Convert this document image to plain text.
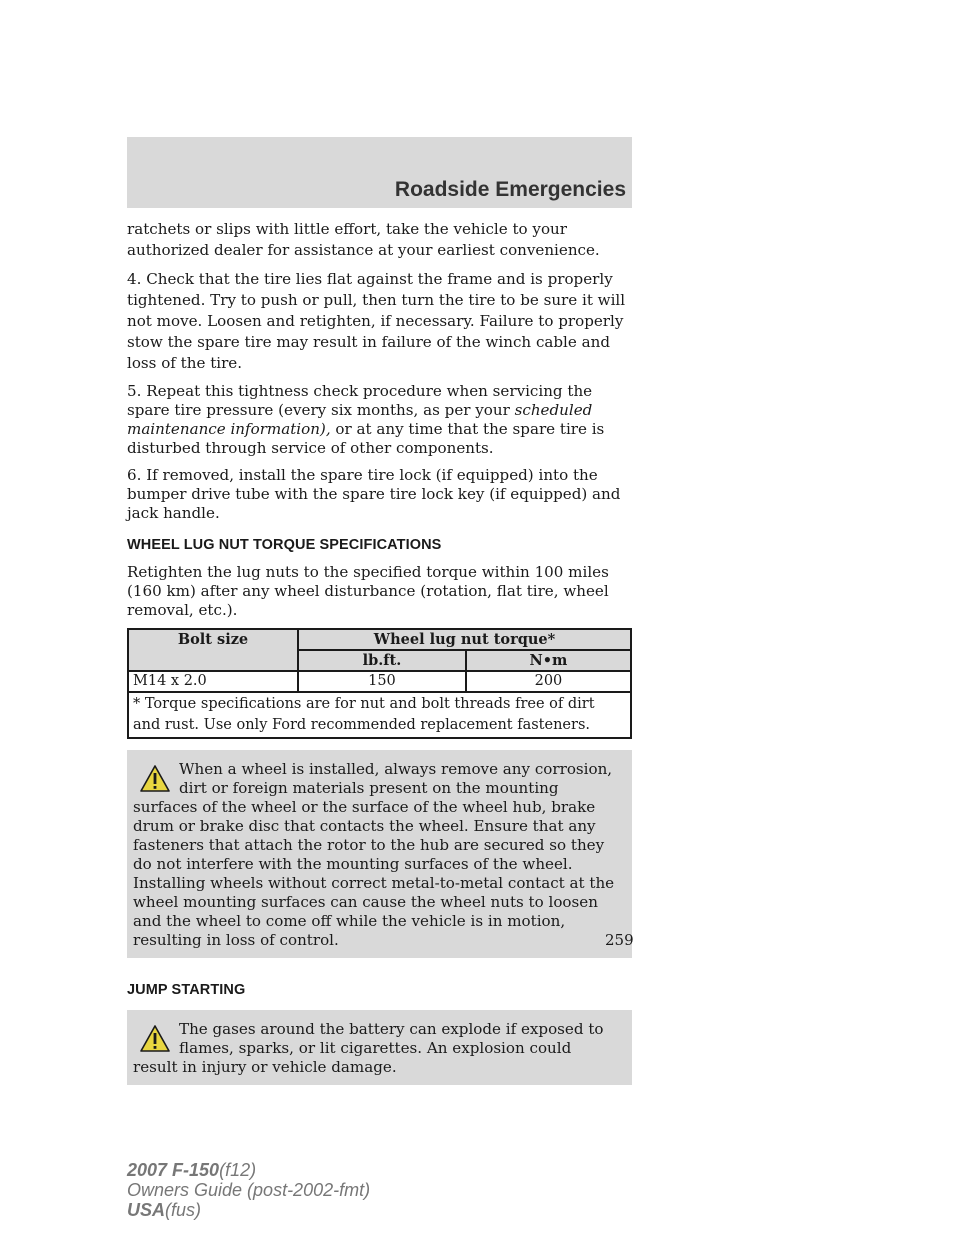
Roadside Emergencies

ratchets or slips with little effort, take the vehicle to your authorized dealer for assistance at your earliest convenience.

4. Check that the tire lies flat against the frame and is properly tightened. Try to push or pull, then turn the tire to be sure it will not move. Loosen and retighten, if necessary. Failure to properly stow the spare tire may result in failure of the winch cable and loss of the tire.

5. Repeat this tightness check procedure when servicing the spare tire pressure (every six months, as per your scheduled maintenance information), or at any time that the spare tire is disturbed through service of other components.

6. If removed, install the spare tire lock (if equipped) into the bumper drive tube with the spare tire lock key (if equipped) and jack handle.

WHEEL LUG NUT TORQUE SPECIFICATIONS

Retighten the lug nuts to the specified torque within 100 miles (160 km) after any wheel disturbance (rotation, flat tire, wheel removal, etc.).

Bolt size	Wheel lug nut torque*	
	lb.ft.	N•m
M14 x 2.0	150	200
* Torque specifications are for nut and bolt threads free of dirt and rust. Use only Ford recommended replacement fasteners.		
When a wheel is installed, always remove any corrosion, dirt or foreign materials present on the mounting surfaces of the wheel or the surface of the wheel hub, brake drum or brake disc that contacts the wheel. Ensure that any fasteners that attach the rotor to the hub are secured so they do not interfere with the mounting surfaces of the wheel. Installing wheels without correct metal-to-metal contact at the wheel mounting surfaces can cause the wheel nuts to loosen and the wheel to come off while the vehicle is in motion, resulting in loss of control.
JUMP STARTING
The gases around the battery can explode if exposed to flames, sparks, or lit cigarettes. An explosion could result in injury or vehicle damage.
259
2007 F-150(f12)
Owners Guide (post-2002-fmt)
USA(fus)
